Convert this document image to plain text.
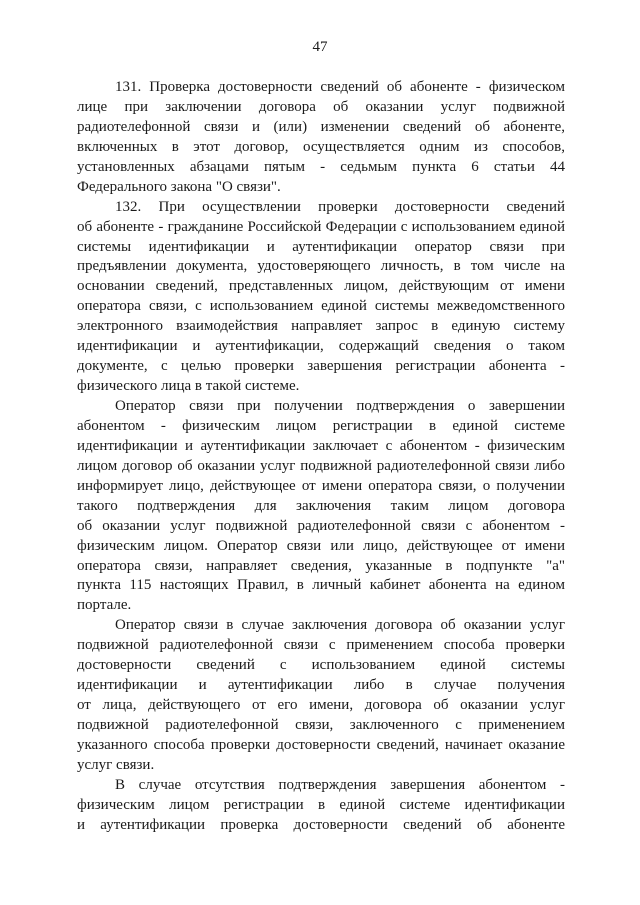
47

131. Проверка достоверности сведений об абоненте - физическом
лице при заключении договора об оказании услуг подвижной
радиотелефонной связи и (или) изменении сведений об абоненте,
включенных в этот договор, осуществляется одним из способов,
установленных абзацами пятым - седьмым пункта 6 статьи 44
Федерального закона "О связи".

132. При осуществлении проверки достоверности сведений
об абоненте - гражданине Российской Федерации с использованием единой
системы идентификации и аутентификации оператор связи при
предъявлении документа, удостоверяющего личность, в том числе на
основании сведений, представленных лицом, действующим от имени
оператора связи, с использованием единой системы межведомственного
электронного взаимодействия направляет запрос в единую систему
идентификации и аутентификации, содержащий сведения о таком
документе, с целью проверки завершения регистрации абонента -
физического лица в такой системе.

Оператор связи при получении подтверждения о завершении
абонентом - физическим лицом регистрации в единой системе
идентификации и аутентификации заключает с абонентом - физическим
лицом договор об оказании услуг подвижной радиотелефонной связи либо
информирует лицо, действующее от имени оператора связи, о получении
такого подтверждения для заключения таким лицом договора
об оказании услуг подвижной радиотелефонной связи с абонентом -
физическим лицом. Оператор связи или лицо, действующее от имени
оператора связи, направляет сведения, указанные в подпункте "а"
пункта 115 настоящих Правил, в личный кабинет абонента на едином
портале.

Оператор связи в случае заключения договора об оказании услуг
подвижной радиотелефонной связи с применением способа проверки
достоверности сведений с использованием единой системы
идентификации и аутентификации либо в случае получения
от лица, действующего от его имени, договора об оказании услуг
подвижной радиотелефонной связи, заключенного с применением
указанного способа проверки достоверности сведений, начинает оказание
услуг связи.

В случае отсутствия подтверждения завершения абонентом -
физическим лицом регистрации в единой системе идентификации
и аутентификации проверка достоверности сведений об абоненте
